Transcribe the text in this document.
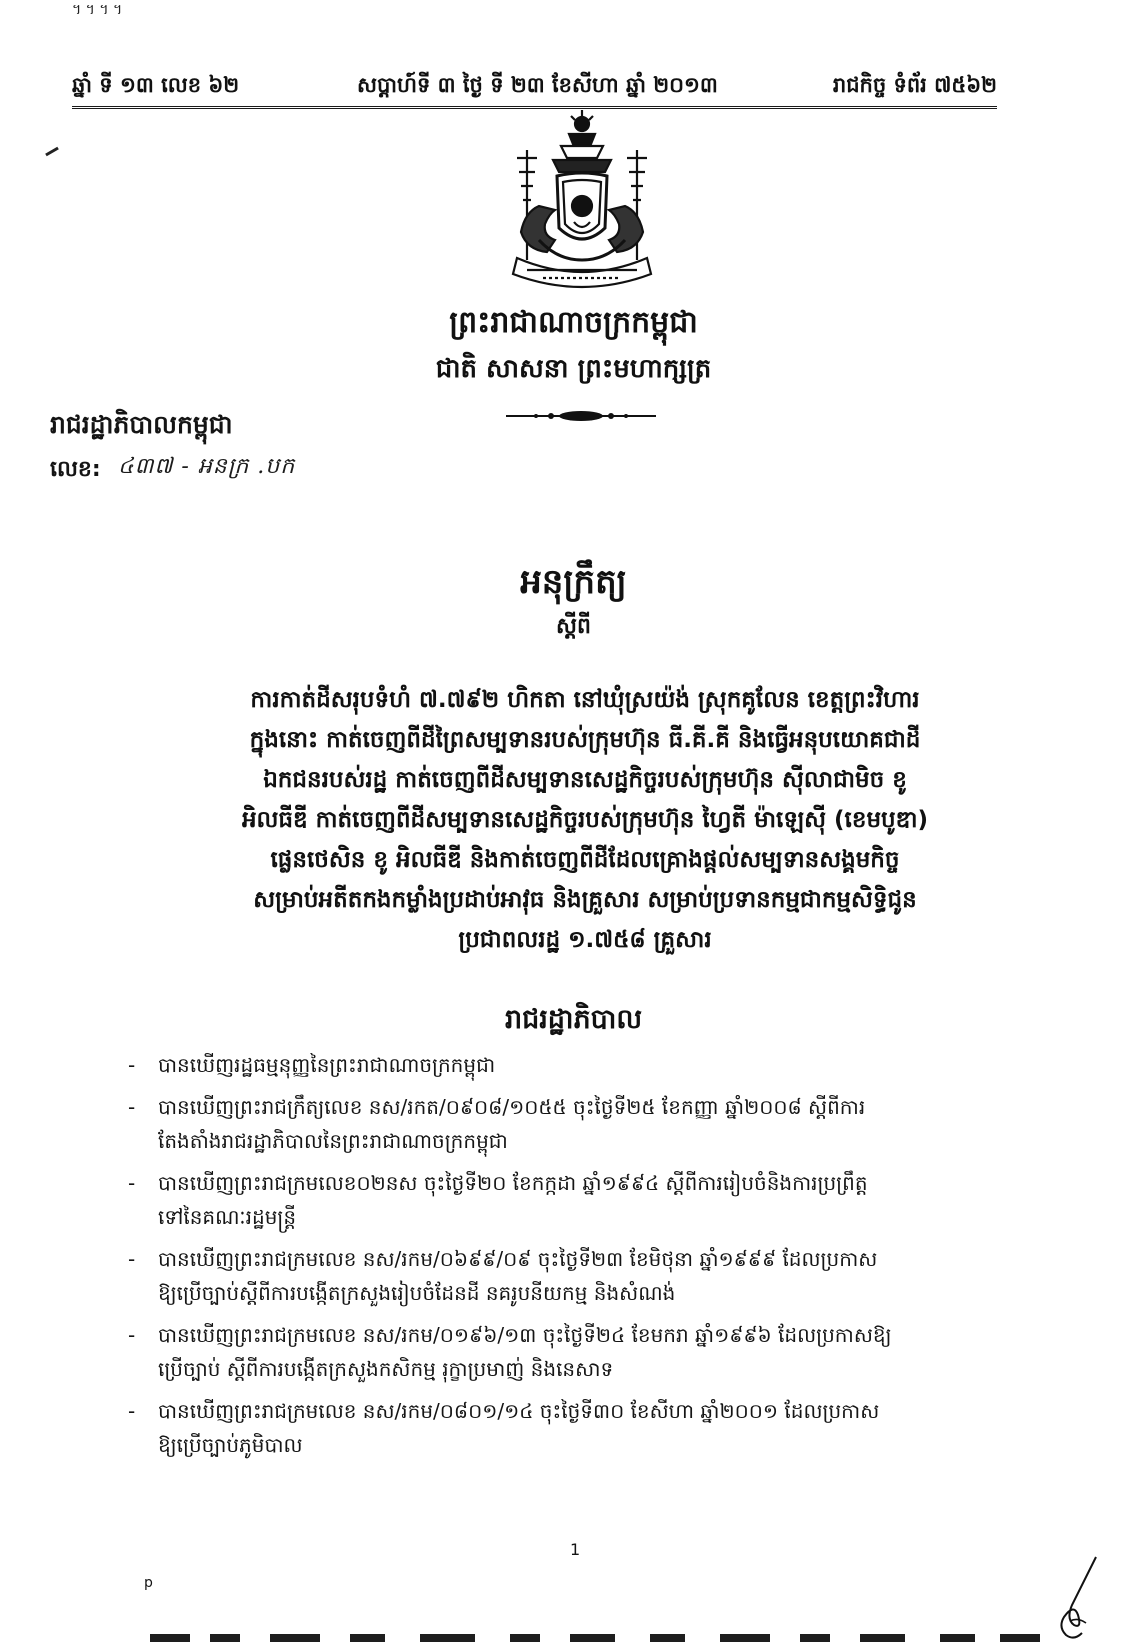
។ ។ ។ ។
ឆ្នាំ ទី ១៣ លេខ ៦២	សប្តាហ៍ទី ៣ ថ្ងៃ ទី ២៣ ខែសីហា ឆ្នាំ ២០១៣	រាជកិច្ច ទំព័រ ៧៥៦២
ព្រះរាជាណាចក្រកម្ពុជា
ជាតិ សាសនា ព្រះមហាក្សត្រ
រាជរដ្ឋាភិបាលកម្ពុជា
លេខ: ៤៣៧ - អនក្រ .បក
អនុក្រឹត្យ
ស្តីពី
ការកាត់ដីសរុបទំហំ ៧.៧៩២ ហិកតា នៅឃុំស្រយ៉ង់ ស្រុកគូលែន ខេត្តព្រះវិហារ
ក្នុងនោះ កាត់ចេញពីដីព្រៃសម្បទានរបស់ក្រុមហ៊ុន ធី.គី.គី និងធ្វើអនុបយោគជាដី
ឯកជនរបស់រដ្ឋ កាត់ចេញពីដីសម្បទានសេដ្ឋកិច្ចរបស់ក្រុមហ៊ុន ស៊ីលាជាមិច ខូ
អិលធីឌី កាត់ចេញពីដីសម្បទានសេដ្ឋកិច្ចរបស់ក្រុមហ៊ុន ហ្វៃតី ម៉ាឡេស៊ី (ខេមបូឌា)
ផ្លេនថេសិន ខូ អិលធីឌី និងកាត់ចេញពីដីដែលគ្រោងផ្តល់សម្បទានសង្គមកិច្ច
សម្រាប់អតីតកងកម្លាំងប្រដាប់អាវុធ និងគ្រួសារ សម្រាប់ប្រទានកម្មជាកម្មសិទ្ធិជូន
ប្រជាពលរដ្ឋ ១.៧៥៨ គ្រួសារ
រាជរដ្ឋាភិបាល
- បានឃើញរដ្ឋធម្មនុញ្ញនៃព្រះរាជាណាចក្រកម្ពុជា
- បានឃើញព្រះរាជក្រឹត្យលេខ នស/រកត/០៩០៨/១០៥៥ ចុះថ្ងៃទី២៥ ខែកញ្ញា ឆ្នាំ២០០៨ ស្តីពីការ
តែងតាំងរាជរដ្ឋាភិបាលនៃព្រះរាជាណាចក្រកម្ពុជា
- បានឃើញព្រះរាជក្រមលេខ០២នស ចុះថ្ងៃទី២០ ខែកក្កដា ឆ្នាំ១៩៩៤ ស្តីពីការរៀបចំនិងការប្រព្រឹត្ត
ទៅនៃគណៈរដ្ឋមន្ត្រី
- បានឃើញព្រះរាជក្រមលេខ នស/រកម/០៦៩៩/០៩ ចុះថ្ងៃទី២៣ ខែមិថុនា ឆ្នាំ១៩៩៩ ដែលប្រកាស
ឱ្យប្រើច្បាប់ស្តីពីការបង្កើតក្រសួងរៀបចំដែនដី នគរូបនីយកម្ម និងសំណង់
- បានឃើញព្រះរាជក្រមលេខ នស/រកម/០១៩៦/១៣ ចុះថ្ងៃទី២៤ ខែមករា ឆ្នាំ១៩៩៦ ដែលប្រកាសឱ្យ
ប្រើច្បាប់ ស្តីពីការបង្កើតក្រសួងកសិកម្ម រុក្ខាប្រមាញ់ និងនេសាទ
- បានឃើញព្រះរាជក្រមលេខ នស/រកម/០៨០១/១៤ ចុះថ្ងៃទី៣០ ខែសីហា ឆ្នាំ២០០១ ដែលប្រកាស
ឱ្យប្រើច្បាប់ភូមិបាល
1
p
